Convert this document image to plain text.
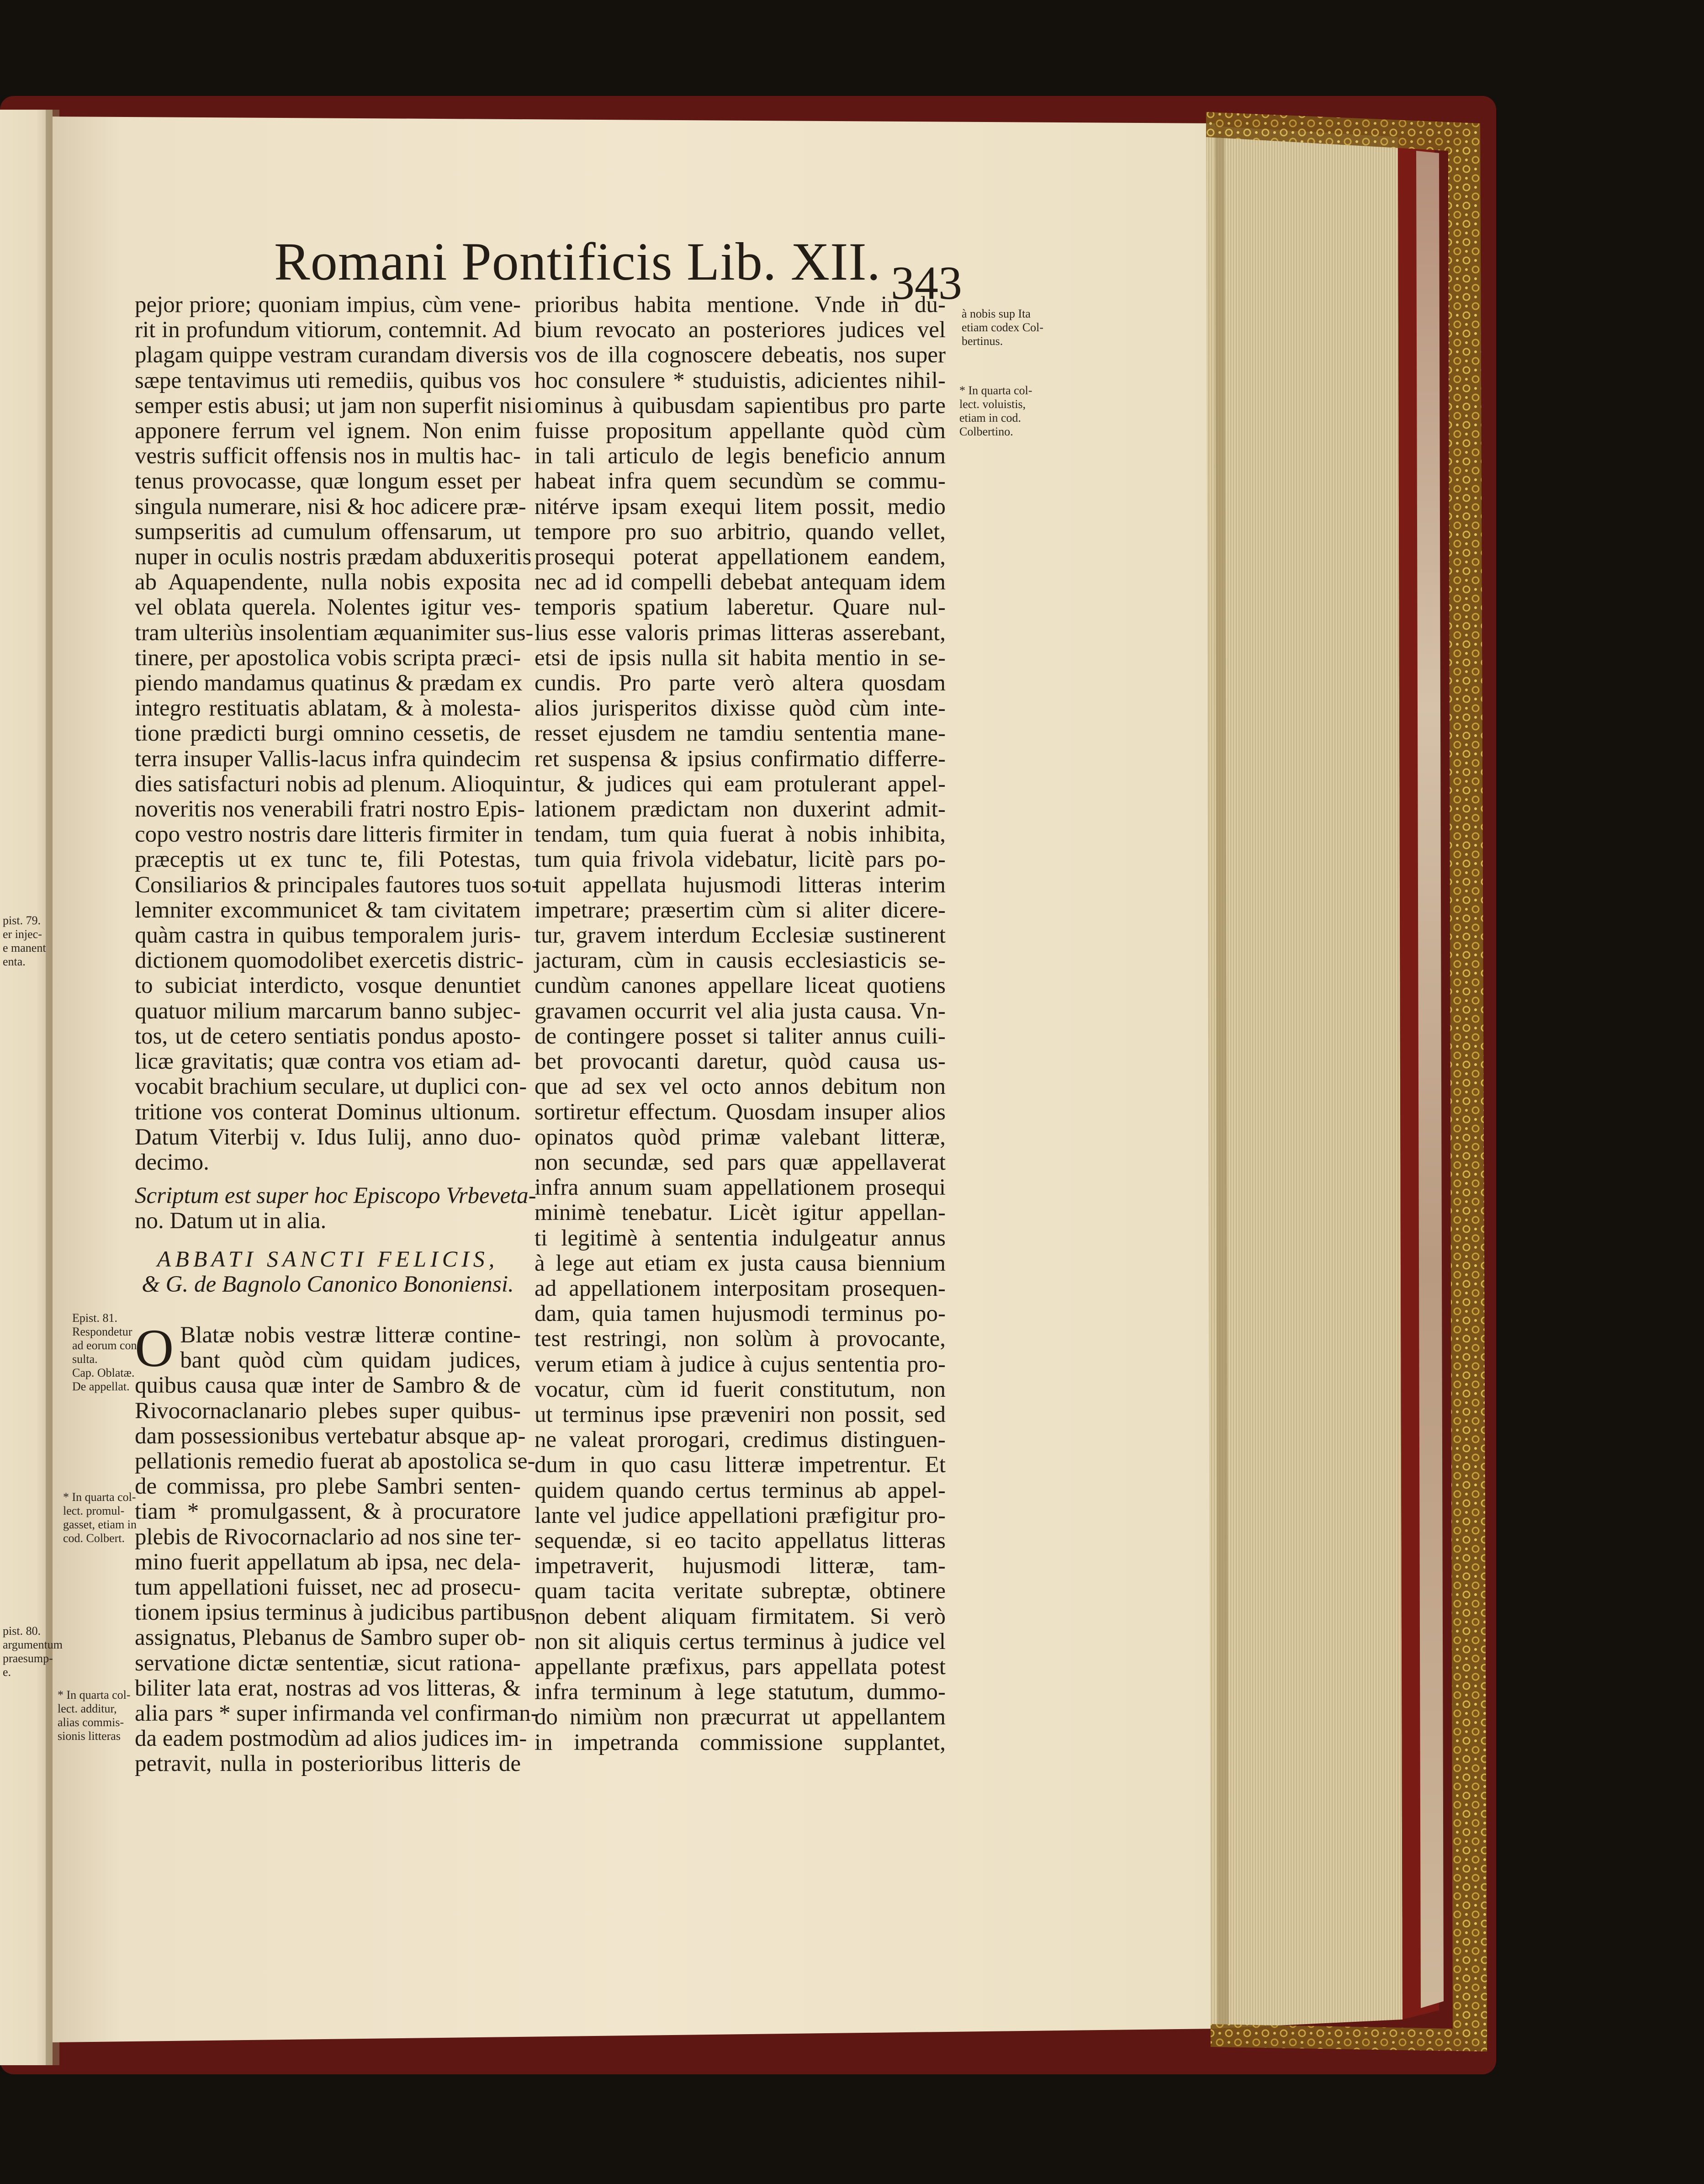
Romani Pontificis Lib. XII. 343
pejor priore; quoniam impius, cùm vene-
rit in profundum vitiorum, contemnit. Ad
plagam quippe vestram curandam diversis
sæpe tentavimus uti remediis, quibus vos
semper estis abusi; ut jam non superfit nisi
apponere ferrum vel ignem. Non enim
vestris sufficit offensis nos in multis hac-
tenus provocasse, quæ longum esset per
singula numerare, nisi & hoc adicere præ-
sumpseritis ad cumulum offensarum, ut
nuper in oculis nostris prædam abduxeritis
ab Aquapendente, nulla nobis exposita
vel oblata querela. Nolentes igitur ves-
tram ulteriùs insolentiam æquanimiter sus-
tinere, per apostolica vobis scripta præci-
piendo mandamus quatinus & prædam ex
integro restituatis ablatam, & à molesta-
tione prædicti burgi omnino cessetis, de
terra insuper Vallis-lacus infra quindecim
dies satisfacturi nobis ad plenum. Alioquin
noveritis nos venerabili fratri nostro Epis-
copo vestro nostris dare litteris firmiter in
præceptis ut ex tunc te, fili Potestas,
Consiliarios & principales fautores tuos so-
lemniter excommunicet & tam civitatem
quàm castra in quibus temporalem juris-
dictionem quomodolibet exercetis distric-
to subiciat interdicto, vosque denuntiet
quatuor milium marcarum banno subjec-
tos, ut de cetero sentiatis pondus aposto-
licæ gravitatis; quæ contra vos etiam ad-
vocabit brachium seculare, ut duplici con-
tritione vos conterat Dominus ultionum.
Datum Viterbij v. Idus Iulij, anno duo-
decimo.
Scriptum est super hoc Episcopo Vrbeveta-
no. Datum ut in alia.
ABBATI SANCTI FELICIS,
& G. de Bagnolo Canonico Bononiensi.
O Blatæ nobis vestræ litteræ contine-
bant quòd cùm quidam judices,
quibus causa quæ inter de Sambro & de
Rivocornaclanario plebes super quibus-
dam possessionibus vertebatur absque ap-
pellationis remedio fuerat ab apostolica se-
de commissa, pro plebe Sambri senten-
tiam * promulgassent, & à procuratore
plebis de Rivocornaclario ad nos sine ter-
mino fuerit appellatum ab ipsa, nec dela-
tum appellationi fuisset, nec ad prosecu-
tionem ipsius terminus à judicibus partibus
assignatus, Plebanus de Sambro super ob-
servatione dictæ sententiæ, sicut rationa-
biliter lata erat, nostras ad vos litteras, &
alia pars * super infirmanda vel confirman-
da eadem postmodùm ad alios judices im-
petravit, nulla in posterioribus litteris de
prioribus habita mentione. Vnde in du-
bium revocato an posteriores judices vel
vos de illa cognoscere debeatis, nos super
hoc consulere * studuistis, adicientes nihil-
ominus à quibusdam sapientibus pro parte
fuisse propositum appellante quòd cùm
in tali articulo de legis beneficio annum
habeat infra quem secundùm se commu-
nitérve ipsam exequi litem possit, medio
tempore pro suo arbitrio, quando vellet,
prosequi poterat appellationem eandem,
nec ad id compelli debebat antequam idem
temporis spatium laberetur. Quare nul-
lius esse valoris primas litteras asserebant,
etsi de ipsis nulla sit habita mentio in se-
cundis. Pro parte verò altera quosdam
alios jurisperitos dixisse quòd cùm inte-
resset ejusdem ne tamdiu sententia mane-
ret suspensa & ipsius confirmatio differre-
tur, & judices qui eam protulerant appel-
lationem prædictam non duxerint admit-
tendam, tum quia fuerat à nobis inhibita,
tum quia frivola videbatur, licitè pars po-
tuit appellata hujusmodi litteras interim
impetrare; præsertim cùm si aliter dicere-
tur, gravem interdum Ecclesiæ sustinerent
jacturam, cùm in causis ecclesiasticis se-
cundùm canones appellare liceat quotiens
gravamen occurrit vel alia justa causa. Vn-
de contingere posset si taliter annus cuili-
bet provocanti daretur, quòd causa us-
que ad sex vel octo annos debitum non
sortiretur effectum. Quosdam insuper alios
opinatos quòd primæ valebant litteræ,
non secundæ, sed pars quæ appellaverat
infra annum suam appellationem prosequi
minimè tenebatur. Licèt igitur appellan-
ti legitimè à sententia indulgeatur annus
à lege aut etiam ex justa causa biennium
ad appellationem interpositam prosequen-
dam, quia tamen hujusmodi terminus po-
test restringi, non solùm à provocante,
verum etiam à judice à cujus sententia pro-
vocatur, cùm id fuerit constitutum, non
ut terminus ipse præveniri non possit, sed
ne valeat prorogari, credimus distinguen-
dum in quo casu litteræ impetrentur. Et
quidem quando certus terminus ab appel-
lante vel judice appellationi præfigitur pro-
sequendæ, si eo tacito appellatus litteras
impetraverit, hujusmodi litteræ, tam-
quam tacita veritate subreptæ, obtinere
non debent aliquam firmitatem. Si verò
non sit aliquis certus terminus à judice vel
appellante præfixus, pars appellata potest
infra terminum à lege statutum, dummo-
do nimiùm non præcurrat ut appellantem
in impetranda commissione supplantet,
à nobis sup Ita
etiam codex Col-
bertinus.
* In quarta col-
lect. voluistis,
etiam in cod.
Colbertino.
pist. 79.
er injec-
e manent
enta.
Epist. 81.
Respondetur
ad eorum con-
sulta.
Cap. Oblatæ.
De appellat.
* In quarta col-
lect. promul-
gasset, etiam in
cod. Colbert.
pist. 80.
argumentum
praesump-
e.
* In quarta col-
lect. additur,
alias commis-
sionis litteras
